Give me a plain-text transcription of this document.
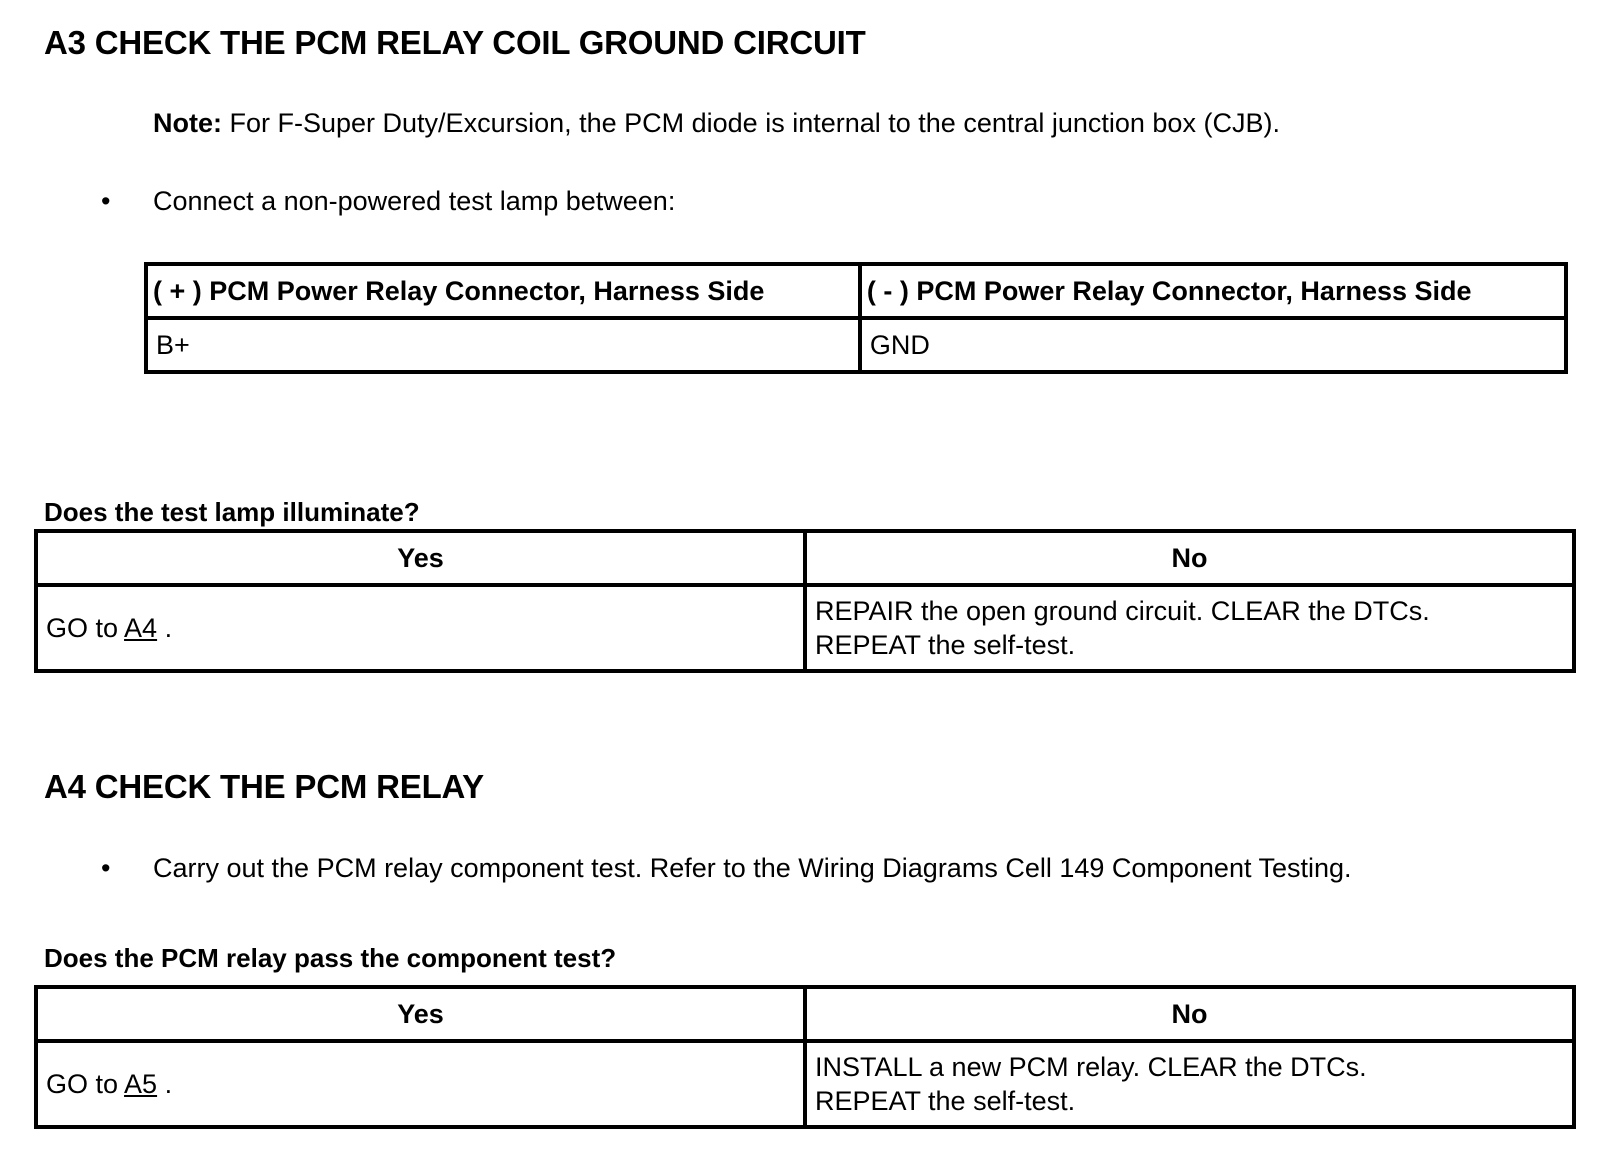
A3 CHECK THE PCM RELAY COIL GROUND CIRCUIT
Note: For F-Super Duty/Excursion, the PCM diode is internal to the central junction box (CJB).
• Connect a non-powered test lamp between:
( + ) PCM Power Relay Connector, Harness Side	( - ) PCM Power Relay Connector, Harness Side
B+	GND
Does the test lamp illuminate?
Yes	No
GO to A4 .	REPAIR the open ground circuit. CLEAR the DTCs.
REPEAT the self-test.
A4 CHECK THE PCM RELAY
• Carry out the PCM relay component test. Refer to the Wiring Diagrams Cell 149 Component Testing.
Does the PCM relay pass the component test?
Yes	No
GO to A5 .	INSTALL a new PCM relay. CLEAR the DTCs.
REPEAT the self-test.
